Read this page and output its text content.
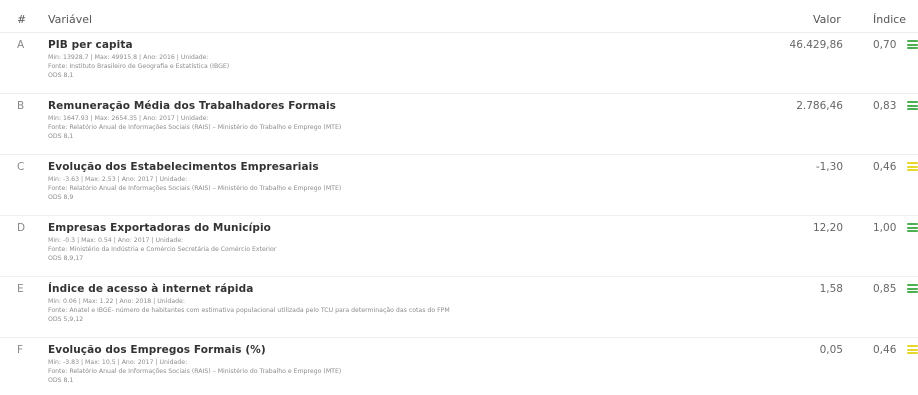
# Variável	Valor	Índice
A PIB per capita
Min: 13928.7 | Max: 49915.8 | Ano: 2016 | Unidade:
Fonte: Instituto Brasileiro de Geografia e Estatística (IBGE)
ODS 8,1
46.429,86	0,70
B Remuneração Média dos Trabalhadores Formais
Min: 1647.93 | Max: 2654.35 | Ano: 2017 | Unidade:
Fonte: Relatório Anual de Informações Sociais (RAIS) – Ministério do Trabalho e Emprego (MTE)
ODS 8,1
2.786,46	0,83
C Evolução dos Estabelecimentos Empresariais
Min: -3.63 | Max: 2.53 | Ano: 2017 | Unidade:
Fonte: Relatório Anual de Informações Sociais (RAIS) – Ministério do Trabalho e Emprego (MTE)
ODS 8,9
-1,30	0,46
D Empresas Exportadoras do Município
Min: -0.3 | Max: 0.54 | Ano: 2017 | Unidade:
Fonte: Ministério da Indústria e Comércio Secretária de Comércio Exterior
ODS 8,9,17
12,20	1,00
E Índice de acesso à internet rápida
Min: 0.06 | Max: 1.22 | Ano: 2018 | Unidade:
Fonte: Anatel e IBGE- número de habitantes com estimativa populacional utilizada pelo TCU para determinação das cotas do FPM
ODS 5,9,12
1,58	0,85
F Evolução dos Empregos Formais (%)
Min: -3.83 | Max: 10.5 | Ano: 2017 | Unidade:
Fonte: Relatório Anual de Informações Sociais (RAIS) – Ministério do Trabalho e Emprego (MTE)
ODS 8,1
0,05	0,46
